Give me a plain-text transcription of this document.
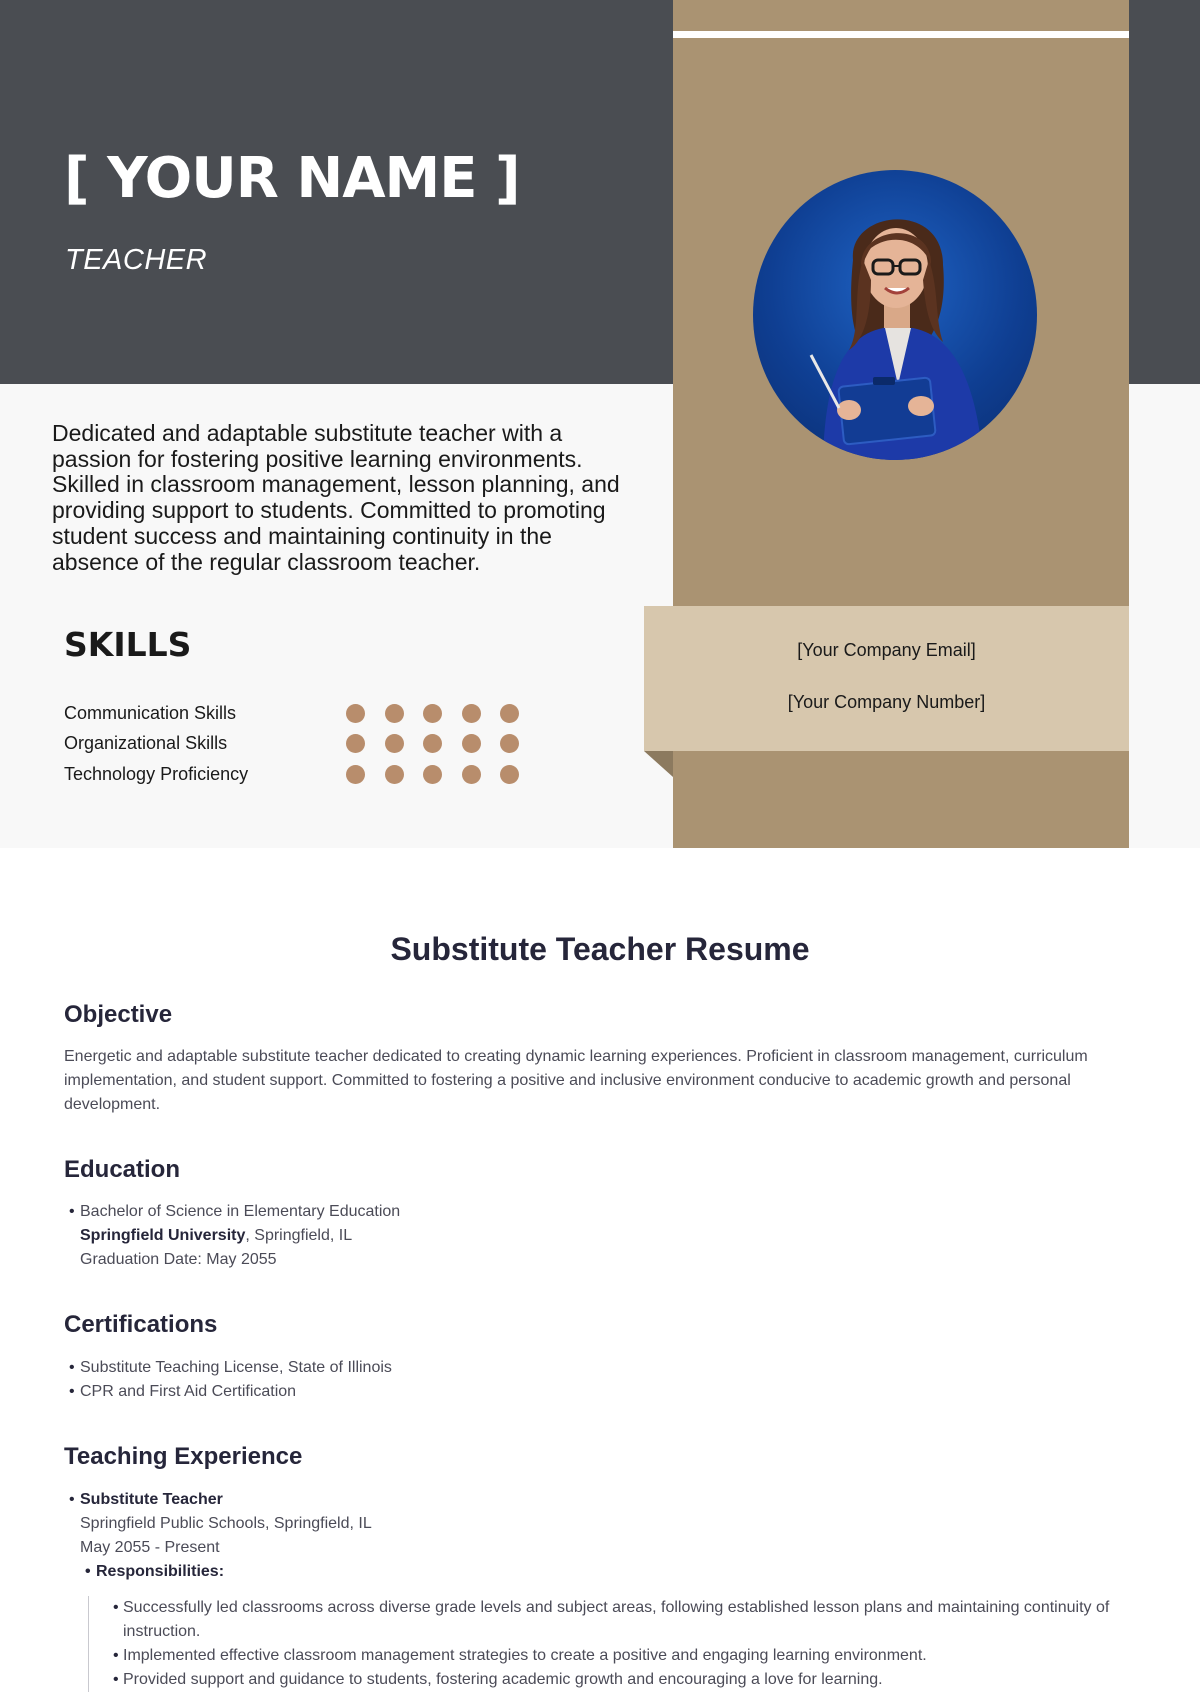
[ YOUR NAME ]
TEACHER

Dedicated and adaptable substitute teacher with a passion for fostering positive learning environments. Skilled in classroom management, lesson planning, and providing support to students. Committed to promoting student success and maintaining continuity in the absence of the regular classroom teacher.

SKILLS
Communication Skills
Organizational Skills
Technology Proficiency
[Your Company Email]
[Your Company Number]
Substitute Teacher Resume
Objective

Energetic and adaptable substitute teacher dedicated to creating dynamic learning experiences. Proficient in classroom management, curriculum implementation, and student support. Committed to fostering a positive and inclusive environment conducive to academic growth and personal development.

Education
• Bachelor of Science in Elementary Education
Springfield University, Springfield, IL
Graduation Date: May 2055
Certifications
• Substitute Teaching License, State of Illinois
• CPR and First Aid Certification
Teaching Experience
• Substitute Teacher
Springfield Public Schools, Springfield, IL
May 2055 - Present
• Responsibilities:
• Successfully led classrooms across diverse grade levels and subject areas, following established lesson plans and maintaining continuity of instruction.
• Implemented effective classroom management strategies to create a positive and engaging learning environment.
• Provided support and guidance to students, fostering academic growth and encouraging a love for learning.
